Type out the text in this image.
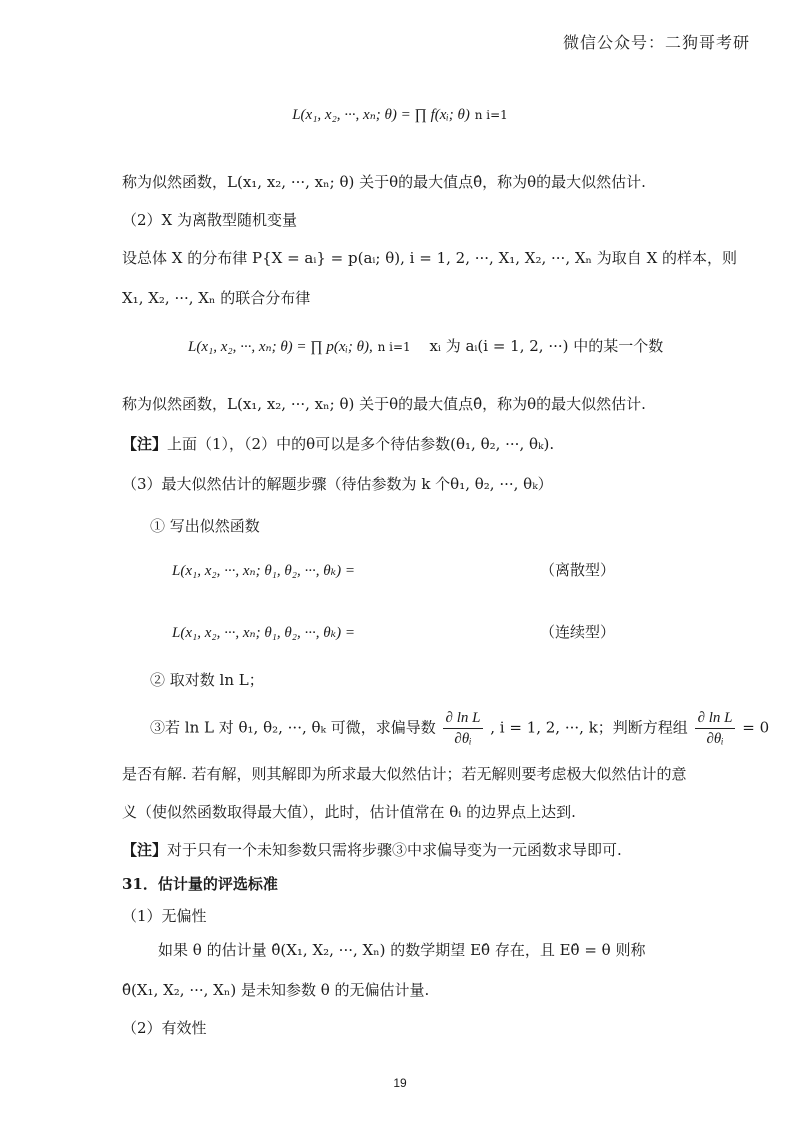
微信公众号：二狗哥考研
L(x₁, x₂, ···, xₙ; θ) = ∏ f(xᵢ; θ) n i=1
称为似然函数，L(x₁, x₂, ···, xₙ; θ) 关于θ的最大值点θ̂，称为θ的最大似然估计.
（2）X 为离散型随机变量
设总体 X 的分布律 P{X = aᵢ} = p(aᵢ; θ), i = 1, 2, ···, X₁, X₂, ···, Xₙ 为取自 X 的样本，则
X₁, X₂, ···, Xₙ 的联合分布律
L(x₁, x₂, ···, xₙ; θ) = ∏ p(xᵢ; θ), n i=1 xᵢ 为 aᵢ(i = 1, 2, ···) 中的某一个数
称为似然函数，L(x₁, x₂, ···, xₙ; θ) 关于θ的最大值点θ̂，称为θ的最大似然估计.
【注】上面（1），（2）中的θ可以是多个待估参数(θ₁, θ₂, ···, θₖ).
（3）最大似然估计的解题步骤（待估参数为 k 个θ₁, θ₂, ···, θₖ）
① 写出似然函数
L(x₁, x₂, ···, xₙ; θ₁, θ₂, ···, θₖ) =	（离散型）
L(x₁, x₂, ···, xₙ; θ₁, θ₂, ···, θₖ) =	（连续型）
② 取对数 ln L；
③若 ln L 对 θ₁, θ₂, ···, θₖ 可微，求偏导数 $\frac{\text{∂ ln L}}{\text{∂θᵢ}}$ , i = 1, 2, ···, k；判断方程组 $\frac{\text{∂ ln L}}{\text{∂θᵢ}} = 0$
是否有解. 若有解，则其解即为所求最大似然估计；若无解则要考虑极大似然估计的意
义（使似然函数取得最大值），此时，估计值常在 θᵢ 的边界点上达到.
【注】对于只有一个未知参数只需将步骤③中求偏导变为一元函数求导即可.
31．估计量的评选标准
（1）无偏性
如果 θ 的估计量 θ̂(X₁, X₂, ···, Xₙ) 的数学期望 Eθ̂ 存在，且 Eθ̂ = θ 则称
θ̂(X₁, X₂, ···, Xₙ) 是未知参数 θ 的无偏估计量.
（2）有效性
19
